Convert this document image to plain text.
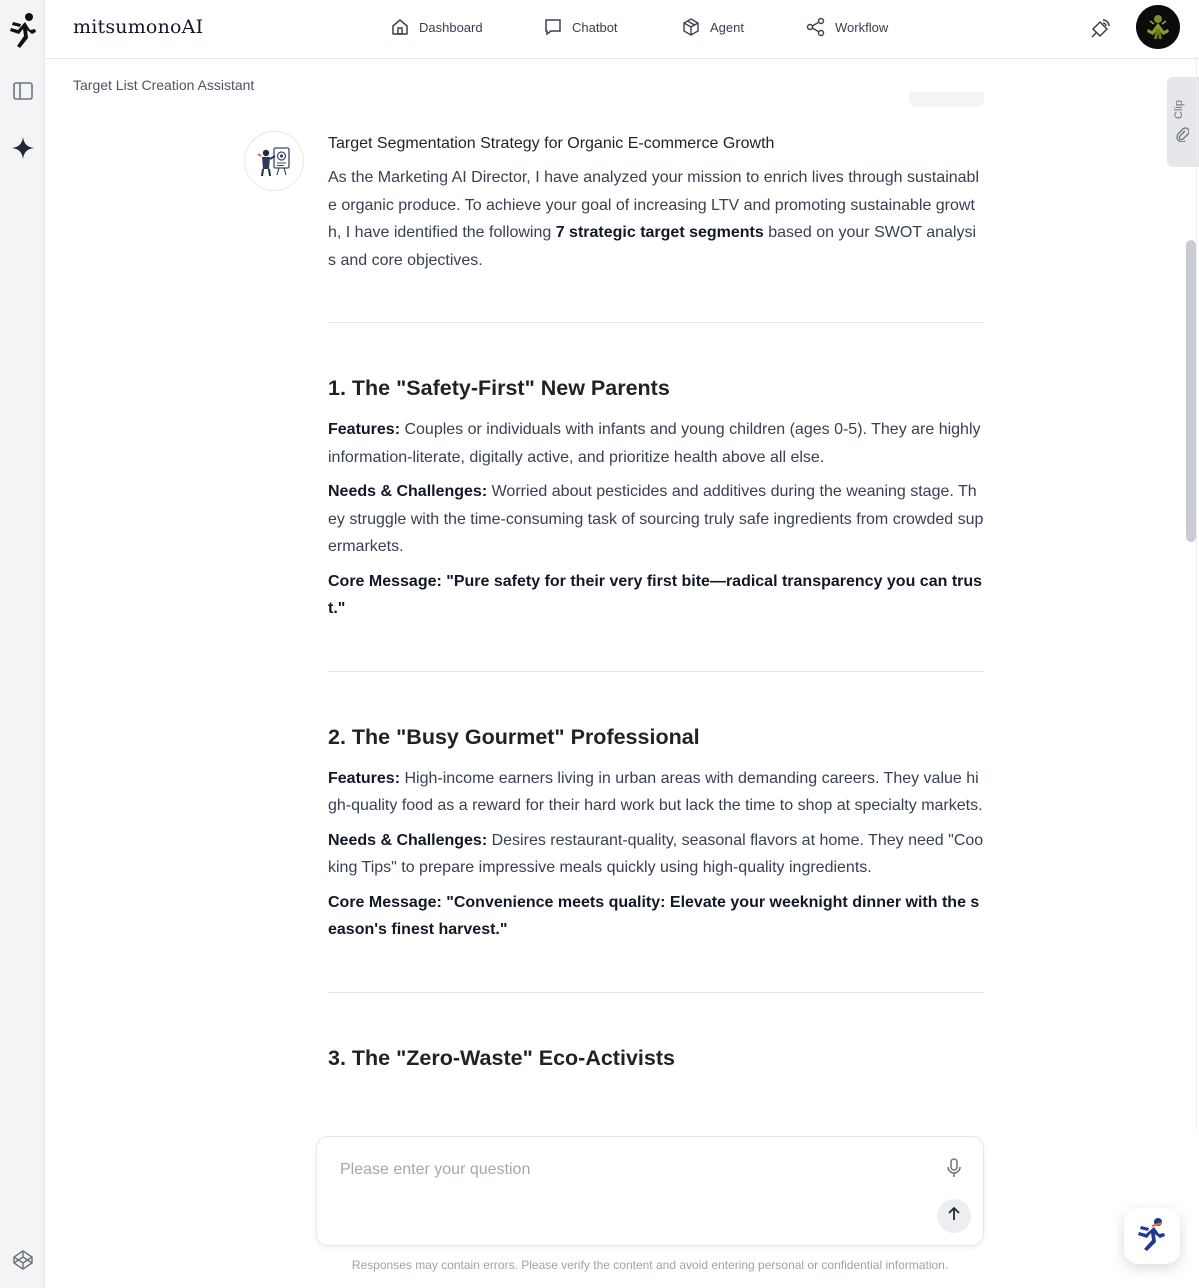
mitsumonoAI	Dashboard	Chatbot	Agent	Workflow
Target List Creation Assistant
Clip
Target Segmentation Strategy for Organic E-commerce Growth
As the Marketing AI Director, I have analyzed your mission to enrich lives through sustainable organic produce. To achieve your goal of increasing LTV and promoting sustainable growth, I have identified the following 7 strategic target segments based on your SWOT analysis and core objectives.
1. The "Safety-First" New Parents
Features: Couples or individuals with infants and young children (ages 0-5). They are highly information-literate, digitally active, and prioritize health above all else.
Needs & Challenges: Worried about pesticides and additives during the weaning stage. They struggle with the time-consuming task of sourcing truly safe ingredients from crowded supermarkets.
Core Message: "Pure safety for their very first bite—radical transparency you can trust."
2. The "Busy Gourmet" Professional
Features: High-income earners living in urban areas with demanding careers. They value high-quality food as a reward for their hard work but lack the time to shop at specialty markets.
Needs & Challenges: Desires restaurant-quality, seasonal flavors at home. They need "Cooking Tips" to prepare impressive meals quickly using high-quality ingredients.
Core Message: "Convenience meets quality: Elevate your weeknight dinner with the season's finest harvest."
3. The "Zero-Waste" Eco-Activists
Please enter your question
Responses may contain errors. Please verify the content and avoid entering personal or confidential information.
